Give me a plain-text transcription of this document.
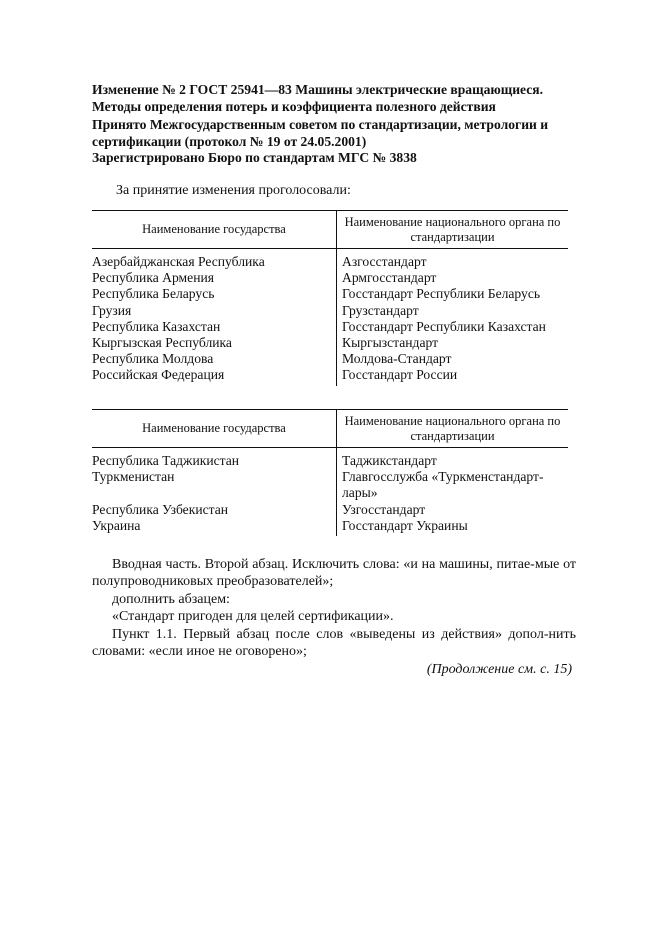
Изменение № 2 ГОСТ 25941—83 Машины электрические вращающиеся. Методы определения потерь и коэффициента полезного действия
Принято Межгосударственным советом по стандартизации, метрологии и сертификации (протокол № 19 от 24.05.2001)
Зарегистрировано Бюро по стандартам МГС № 3838
За принятие изменения проголосовали:
Наименование государства	Наименование национального органа по стандартизации
Азербайджанская Республика	Азгосстандарт
Республика Армения	Армгосстандарт
Республика Беларусь	Госстандарт Республики Беларусь
Грузия	Грузстандарт
Республика Казахстан	Госстандарт Республики Казахстан
Кыргызская Республика	Кыргызстандарт
Республика Молдова	Молдова-Стандарт
Российская Федерация	Госстандарт России
Наименование государства	Наименование национального органа по стандартизации
Республика Таджикистан	Таджикстандарт
Туркменистан	Главгосслужба «Туркменстандарт-лары»
Республика Узбекистан	Узгосстандарт
Украина	Госстандарт Украины

Вводная часть. Второй абзац. Исключить слова: «и на машины, питае-мые от полупроводниковых преобразователей»;

дополнить абзацем:

«Стандарт пригоден для целей сертификации».

Пункт 1.1. Первый абзац после слов «выведены из действия» допол-нить словами: «если иное не оговорено»;

(Продолжение см. с. 15)
